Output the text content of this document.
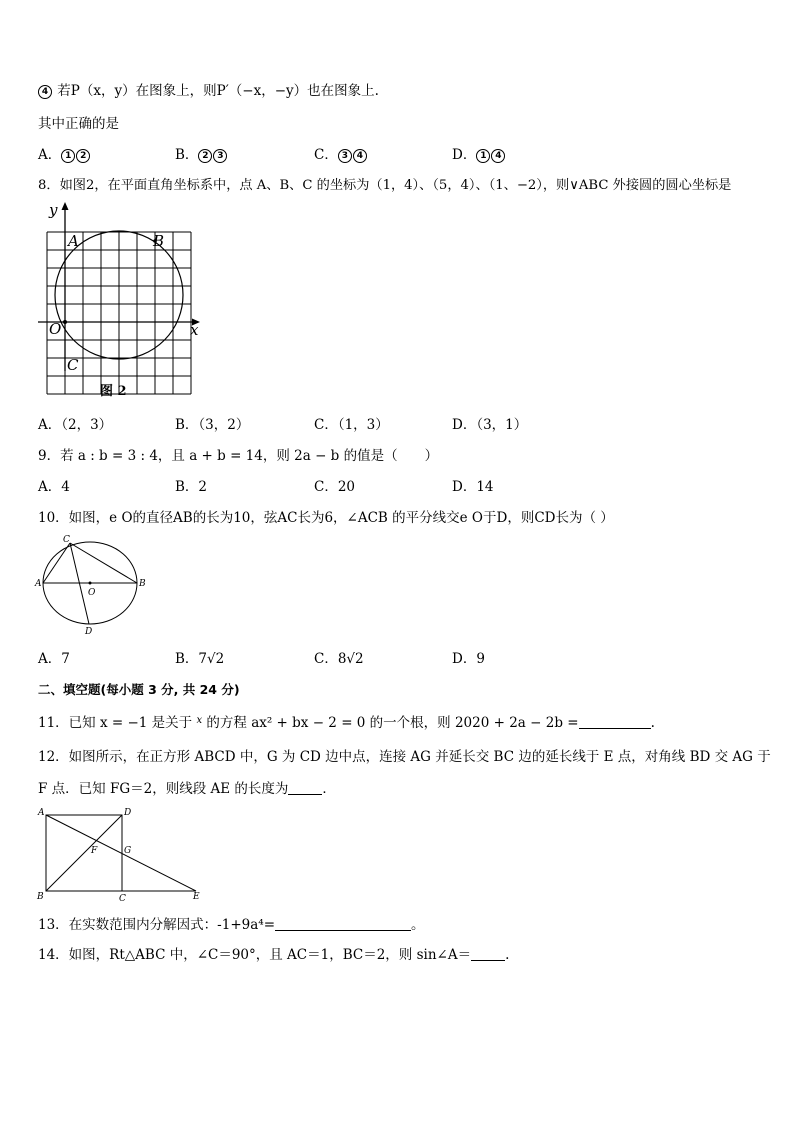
4 若P（x，y）在图象上，则P′（−x，−y）也在图象上.
其中正确的是
A． 1 2	B． 2 3	C． 3 4	D． 1 4
8．如图2，在平面直角坐标系中，点 A、B、C 的坐标为（1，4）、（5，4）、（1、−2），则∨ABC 外接圆的圆心坐标是
y
x
O
A	B
C
图 2
A．（2，3）	B．（3，2）	C．（1，3）	D．（3，1）
9．若 a : b = 3 : 4，且 a + b = 14，则 2a − b 的值是（　　）
A．4	B．2	C．20	D．14
10．如图，e O的直径AB的长为10，弦AC长为6，∠ACB 的平分线交e O于D，则CD长为（ ）
C
A
O
B
D
A．7	B．7√2	C．8√2	D．9
二、填空题(每小题 3 分, 共 24 分)
11．已知 x = −1 是关于 $^x$ 的方程 ax² + bx − 2 = 0 的一个根，则 2020 + 2a − 2b =	.
12．如图所示，在正方形 ABCD 中，G 为 CD 边中点，连接 AG 并延长交 BC 边的延长线于 E 点，对角线 BD 交 AG 于
F 点．已知 FG＝2，则线段 AE 的长度为	．
A	D
F	G
B	C	E
13．在实数范围内分解因式：-1+9a⁴=	。
14．如图，Rt△ABC 中，∠C＝90°，且 AC＝1，BC＝2，则 sin∠A＝	.
